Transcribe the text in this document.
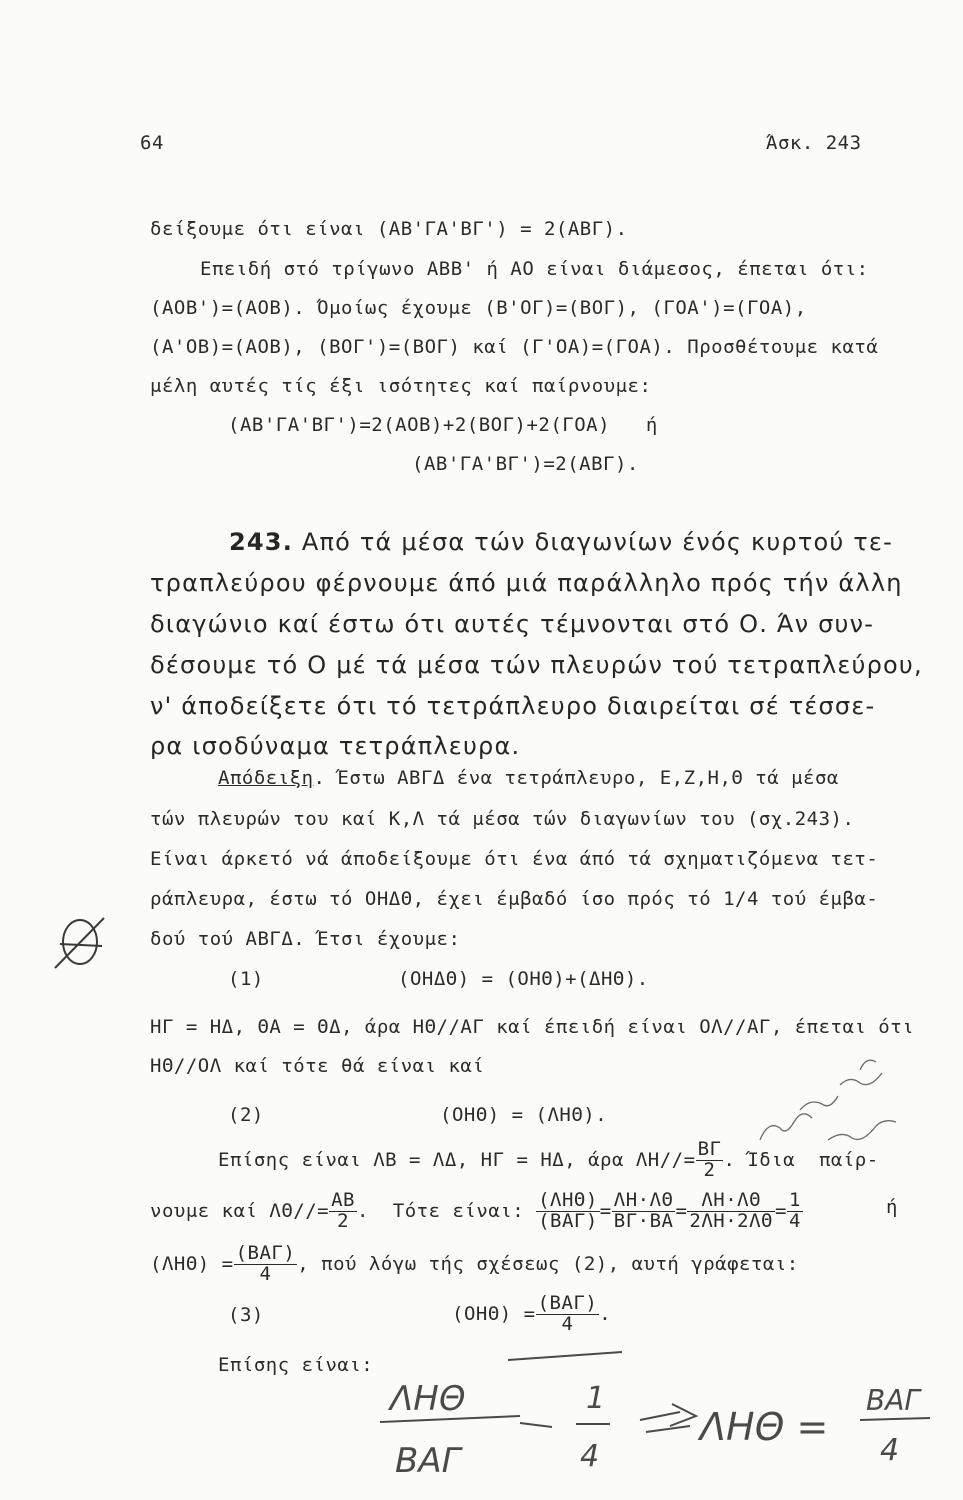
64	Άσκ. 243
δείξουμε ότι είναι (ΑΒ'ΓΑ'ΒΓ') = 2(ΑΒΓ).
Επειδή στό τρίγωνο ΑΒΒ' ή ΑΟ είναι διάμεσος, έπεται ότι:
(ΑΟΒ')=(ΑΟΒ). Όμοίως έχουμε (Β'ΟΓ)=(ΒΟΓ), (ΓΟΑ')=(ΓΟΑ),
(Α'ΟΒ)=(ΑΟΒ), (ΒΟΓ')=(ΒΟΓ) καί (Γ'ΟΑ)=(ΓΟΑ). Προσθέτουμε κατά
μέλη αυτές τίς έξι ισότητες καί παίρνουμε:
(ΑΒ'ΓΑ'ΒΓ')=2(ΑΟΒ)+2(ΒΟΓ)+2(ΓΟΑ)   ή
(ΑΒ'ΓΑ'ΒΓ')=2(ΑΒΓ).
243. Από τά μέσα τών διαγωνίων ένός κυρτού τε-
τραπλεύρου φέρνουμε άπό μιά παράλληλο πρός τήν άλλη
διαγώνιο καί έστω ότι αυτές τέμνονται στό Ο. Άν συν-
δέσουμε τό Ο μέ τά μέσα τών πλευρών τού τετραπλεύρου,
ν' άποδείξετε ότι τό τετράπλευρο διαιρείται σέ τέσσε-
ρα ισοδύναμα τετράπλευρα.
Απόδειξη. Έστω ΑΒΓΔ ένα τετράπλευρο, Ε,Ζ,Η,Θ τά μέσα
τών πλευρών του καί Κ,Λ τά μέσα τών διαγωνίων του (σχ.243).
Είναι άρκετό νά άποδείξουμε ότι ένα άπό τά σχηματιζόμενα τετ-
ράπλευρα, έστω τό ΟΗΔΘ, έχει έμβαδό ίσο πρός τό 1/4 τού έμβα-
δού τού ΑΒΓΔ. Έτσι έχουμε:
(1)	(ΟΗΔΘ) = (ΟΗΘ)+(ΔΗΘ).
ΗΓ = ΗΔ, ΘΑ = ΘΔ, άρα ΗΘ//ΑΓ καί έπειδή είναι ΟΛ//ΑΓ, έπεται ότι
ΗΘ//ΟΛ καί τότε θά είναι καί
(2)	(ΟΗΘ) = (ΛΗΘ).
Επίσης είναι ΛΒ = ΛΔ, ΗΓ = ΗΔ, άρα $\Lambda H//= \frac{B\Gamma}{2}$ . Ίδια  παίρ-
νουμε καί $\Lambda\Theta//= \frac{AB}{2}$ .  Τότε είναι: $\frac{\text{(ΛΗΘ)}}{\text{(ΒΑΓ)}} = \frac{\Lambda H\cdot\Lambda\Theta}{B\Gamma\cdot BA} = \frac{\Lambda H\cdot\Lambda\Theta}{2\Lambda H\cdot 2\Lambda\Theta} = \frac{1}{4}$	ή
$(\Lambda H\Theta) = \frac{\text{(ΒΑΓ)}}{4}$ , πού λόγω τής σχέσεως (2), αυτή γράφεται:
(3)	$(OH\Theta) = \frac{\text{(ΒΑΓ)}}{4}$ .
Επίσης είναι:
ΛΗΘ
ΒΑΓ
1
4
ΛΗΘ =
ΒΑΓ
4
